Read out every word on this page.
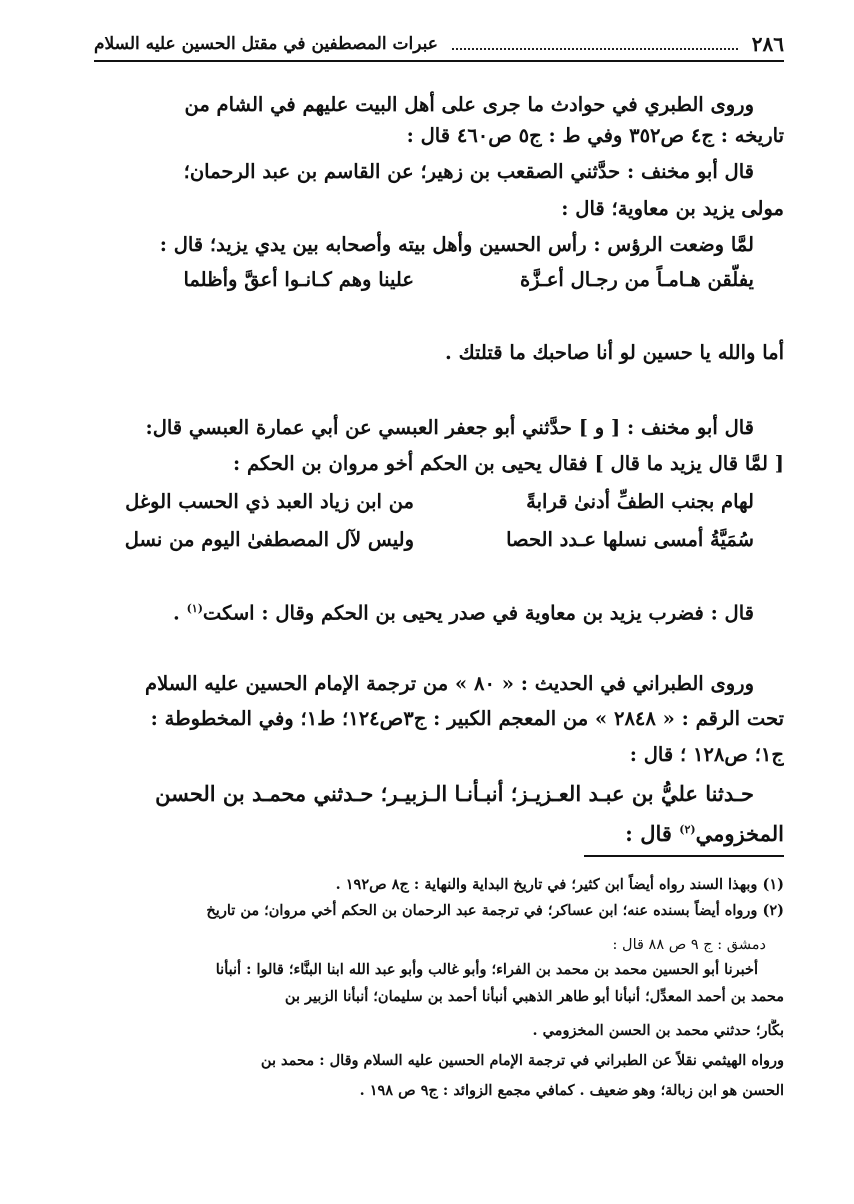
٢٨٦
عبرات المصطفين في مقتل الحسين عليه السلام
وروى الطبري في حوادث ما جرى على أهل البيت عليهم في الشام من
تاريخه : ج٤ ص٣٥٢ وفي ط : ج٥ ص٤٦٠ قال :
قال أبو مخنف : حدَّثني الصقعب بن زهير؛ عن القاسم بن عبد الرحمان؛
مولى يزيد بن معاوية؛ قال :
لمَّا وضعت الرؤس : رأس الحسين وأهل بيته وأصحابه بين يدي يزيد؛ قال :
يفلّقن هـامـاً من رجـال أعـزَّة
علينا وهم كـانـوا أعقَّ وأظلما
أما والله يا حسين لو أنا صاحبك ما قتلتك .
قال أبو مخنف : [ و ] حدَّثني أبو جعفر العبسي عن أبي عمارة العبسي قال:
[ لمَّا قال يزيد ما قال ] فقال يحيى بن الحكم أخو مروان بن الحكم :
لهام بجنب الطفِّ أدنىٰ قرابةً
من ابن زياد العبد ذي الحسب الوغل
سُمَيَّةُ أمسى نسلها عـدد الحصا
وليس لآل المصطفىٰ اليوم من نسل
قال : فضرب يزيد بن معاوية في صدر يحيى بن الحكم وقال : اسكت$^{(١)}$ .
وروى الطبراني في الحديث : « ٨٠ » من ترجمة الإمام الحسين عليه السلام
تحت الرقم : « ٢٨٤٨ » من المعجم الكبير : ج٣ص١٢٤؛ ط١؛ وفي المخطوطة :
ج١؛ ص١٢٨ ؛ قال :
حـدثنا عليُّ بن عبـد العـزيـز؛ أنبـأنـا الـزبيـر؛ حـدثني محمـد بن الحسن
المخزومي$^{(٢)}$ قال :
(١) وبهذا السند رواه أيضاً ابن كثير؛ في تاريخ البداية والنهاية : ج٨ ص١٩٢ .
(٢) ورواه أيضاً بسنده عنه؛ ابن عساكر؛ في ترجمة عبد الرحمان بن الحكم أخي مروان؛ من تاريخ
دمشق : ج ٩ ص ٨٨ قال :
أخبرنا أبو الحسين محمد بن محمد بن الفراء؛ وأبو غالب وأبو عبد الله ابنا البنَّاء؛ قالوا : أنبأنا
محمد بن أحمد المعدِّل؛ أنبأنا أبو طاهر الذهبي أنبأنا أحمد بن سليمان؛ أنبأنا الزبير بن
بكَّار؛ حدثني محمد بن الحسن المخزومي .
ورواه الهيثمي نقلاً عن الطبراني في ترجمة الإمام الحسين عليه السلام وقال : محمد بن
الحسن هو ابن زبالة؛ وهو ضعيف . كمافي مجمع الزوائد : ج٩ ص ١٩٨ .
